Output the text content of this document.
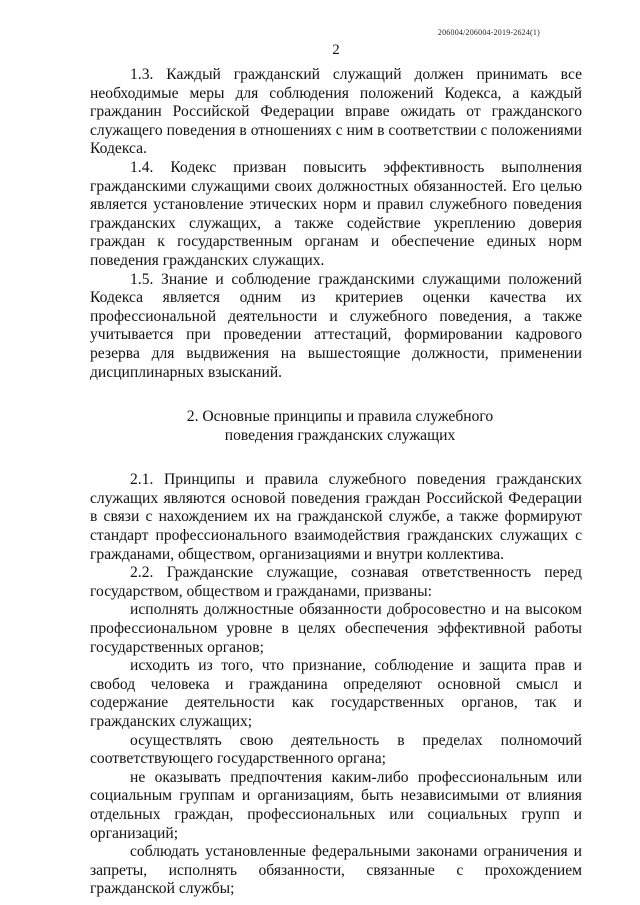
206004/206004-2019-2624(1)
2

1.3. Каждый гражданский служащий должен принимать все необходимые меры для соблюдения положений Кодекса, а каждый гражданин Российской Федерации вправе ожидать от гражданского служащего поведения в отношениях с ним в соответствии с положениями Кодекса.

1.4. Кодекс призван повысить эффективность выполнения гражданскими служащими своих должностных обязанностей. Его целью является установление этических норм и правил служебного поведения гражданских служащих, а также содействие укреплению доверия граждан к государственным органам и обеспечение единых норм поведения гражданских служащих.

1.5. Знание и соблюдение гражданскими служащими положений Кодекса является одним из критериев оценки качества их профессиональной деятельности и служебного поведения, а также учитывается при проведении аттестаций, формировании кадрового резерва для выдвижения на вышестоящие должности, применении дисциплинарных взысканий.

2. Основные принципы и правила служебного
поведения гражданских служащих

2.1. Принципы и правила служебного поведения гражданских служащих являются основой поведения граждан Российской Федерации в связи с нахождением их на гражданской службе, а также формируют стандарт профессионального взаимодействия гражданских служащих с гражданами, обществом, организациями и внутри коллектива.

2.2. Гражданские служащие, сознавая ответственность перед государством, обществом и гражданами, призваны:

исполнять должностные обязанности добросовестно и на высоком профессиональном уровне в целях обеспечения эффективной работы государственных органов;

исходить из того, что признание, соблюдение и защита прав и свобод человека и гражданина определяют основной смысл и содержание деятельности как государственных органов, так и гражданских служащих;

осуществлять свою деятельность в пределах полномочий соответствующего государственного органа;

не оказывать предпочтения каким-либо профессиональным или социальным группам и организациям, быть независимыми от влияния отдельных граждан, профессиональных или социальных групп и организаций;

соблюдать установленные федеральными законами ограничения и запреты, исполнять обязанности, связанные с прохождением гражданской службы;
